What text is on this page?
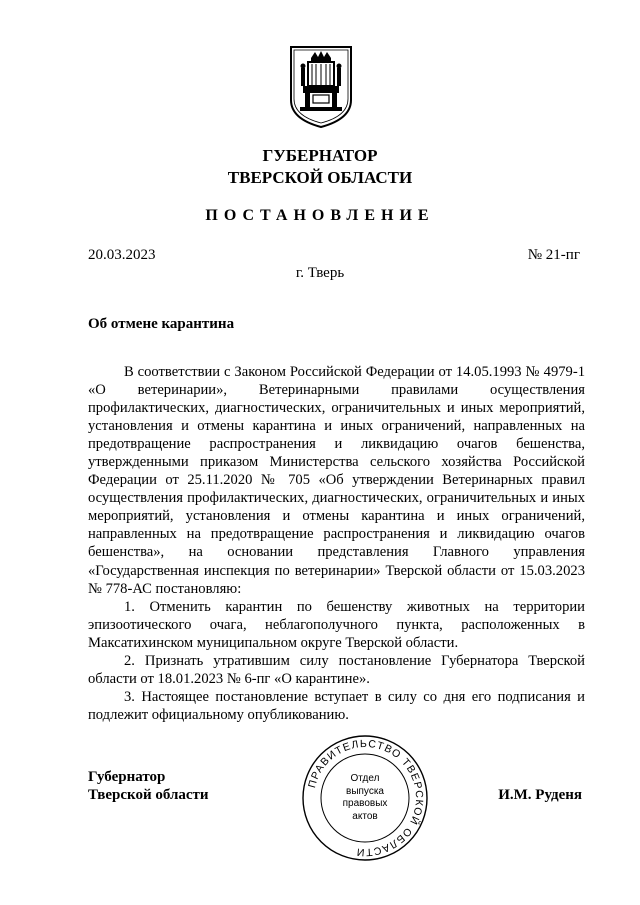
ГУБЕРНАТОР
ТВЕРСКОЙ ОБЛАСТИ
ПОСТАНОВЛЕНИЕ
20.03.2023	№ 21-пг
г. Тверь
Об отмене карантина

В соответствии с Законом Российской Федерации от 14.05.1993 № 4979-1 «О ветеринарии», Ветеринарными правилами осуществления профилактических, диагностических, ограничительных и иных мероприятий, установления и отмены карантина и иных ограничений, направленных на предотвращение распространения и ликвидацию очагов бешенства, утвержденными приказом Министерства сельского хозяйства Российской Федерации от 25.11.2020 № 705 «Об утверждении Ветеринарных правил осуществления профилактических, диагностических, ограничительных и иных мероприятий, установления и отмены карантина и иных ограничений, направленных на предотвращение распространения и ликвидацию очагов бешенства», на основании представления Главного управления «Государственная инспекция по ветеринарии» Тверской области от 15.03.2023 № 778-АС постановляю:

1. Отменить карантин по бешенству животных на территории эпизоотического очага, неблагополучного пункта, расположенных в Максатихинском муниципальном округе Тверской области.

2. Признать утратившим силу постановление Губернатора Тверской области от 18.01.2023 № 6-пг «О карантине».

3. Настоящее постановление вступает в силу со дня его подписания и подлежит официальному опубликованию.

Губернатор
Тверской области	И.М. Руденя
ПРАВИТЕЛЬСТВО ТВЕРСКОЙ ОБЛАСТИ
Отдел
выпуска
правовых
актов
